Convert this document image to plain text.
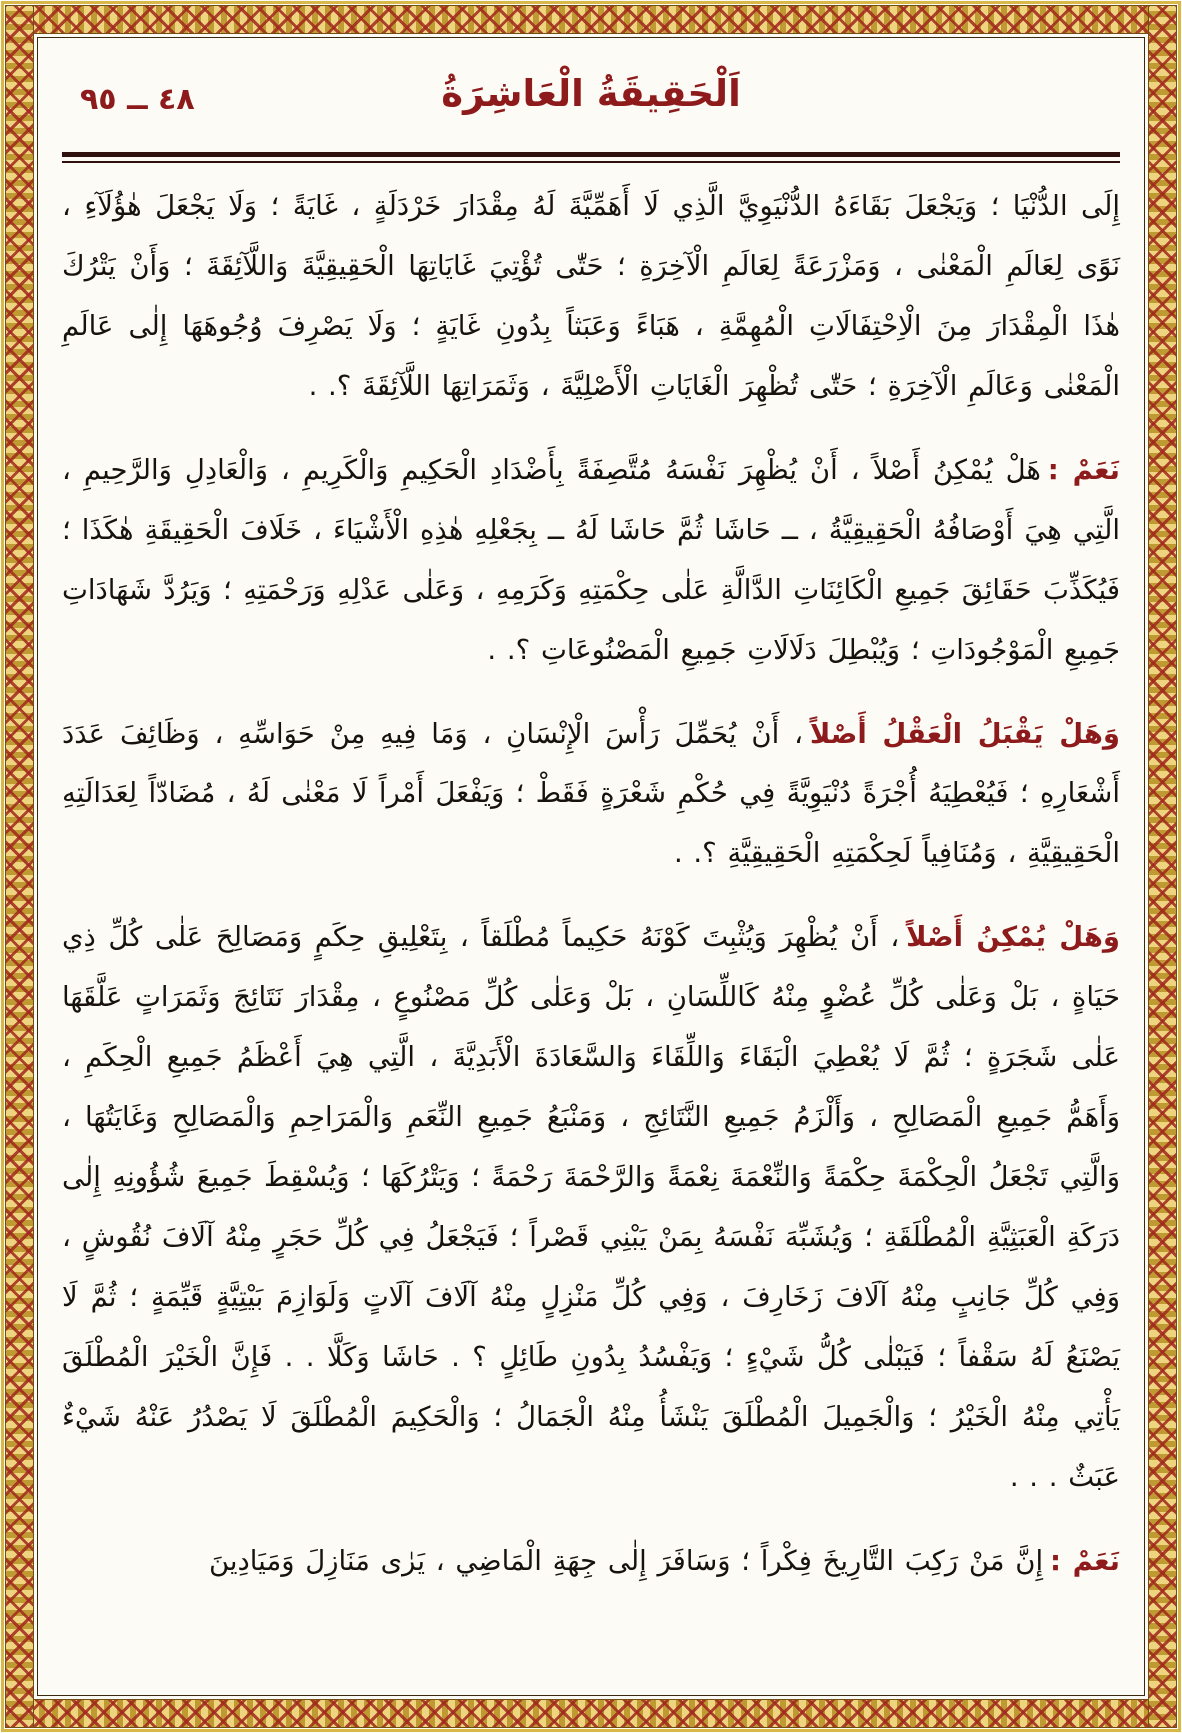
٤٨ ــ ٩٥	اَلْحَقِيقَةُ الْعَاشِرَةُ

إِلَى الدُّنْيَا ؛ وَيَجْعَلَ بَقَاءَهُ الدُّنْيَوِيَّ الَّذِي لَا أَهَمِّيَّةَ لَهُ مِقْدَارَ خَرْدَلَةٍ ، غَايَةً ؛ وَلَا يَجْعَلَ هٰؤُلَآءِ ، نَوًى لِعَالَمِ الْمَعْنٰى ، وَمَزْرَعَةً لِعَالَمِ الْآخِرَةِ ؛ حَتّٰى تُؤْتِيَ غَايَاتِهَا الْحَقِيقِيَّةَ وَاللَّآئِقَةَ ؛ وَأَنْ يَتْرُكَ هٰذَا الْمِقْدَارَ مِنَ الْاِحْتِفَالَاتِ الْمُهِمَّةِ ، هَبَاءً وَعَبَثاً بِدُونِ غَايَةٍ ؛ وَلَا يَصْرِفَ وُجُوهَهَا إِلٰى عَالَمِ الْمَعْنٰى وَعَالَمِ الْآخِرَةِ ؛ حَتّٰى تُظْهِرَ الْغَايَاتِ الْأَصْلِيَّةَ ، وَثَمَرَاتِهَا اللَّآئِقَةَ ؟. .

نَعَمْ :هَلْ يُمْكِنُ أَصْلاً ، أَنْ يُظْهِرَ نَفْسَهُ مُتَّصِفَةً بِأَضْدَادِ الْحَكِيمِ وَالْكَرِيمِ ، وَالْعَادِلِ وَالرَّحِيمِ ، الَّتِي هِيَ أَوْصَافُهُ الْحَقِيقِيَّةُ ، ــ حَاشَا ثُمَّ حَاشَا لَهُ ــ بِجَعْلِهِ هٰذِهِ الْأَشْيَاءَ ، خَلَافَ الْحَقِيقَةِ هٰكَذَا ؛ فَيُكَذِّبَ حَقَائِقَ جَمِيعِ الْكَائِنَاتِ الدَّالَّةِ عَلٰى حِكْمَتِهِ وَكَرَمِهِ ، وَعَلٰى عَدْلِهِ وَرَحْمَتِهِ ؛ وَيَرُدَّ شَهَادَاتِ جَمِيعِ الْمَوْجُودَاتِ ؛ وَيُبْطِلَ دَلَالَاتِ جَمِيعِ الْمَصْنُوعَاتِ ؟. .

وَهَلْ يَقْبَلُ الْعَقْلُ أَصْلاً، أَنْ يُحَمِّلَ رَأْسَ الْإِنْسَانِ ، وَمَا فِيهِ مِنْ حَوَاسِّهِ ، وَظَائِفَ عَدَدَ أَشْعَارِهِ ؛ فَيُعْطِيَهُ أُجْرَةً دُنْيَوِيَّةً فِي حُكْمِ شَعْرَةٍ فَقَطْ ؛ وَيَفْعَلَ أَمْراً لَا مَعْنٰى لَهُ ، مُضَادّاً لِعَدَالَتِهِ الْحَقِيقِيَّةِ ، وَمُنَافِياً لَحِكْمَتِهِ الْحَقِيقِيَّةِ ؟. .

وَهَلْ يُمْكِنُ أَصْلاً، أَنْ يُظْهِرَ وَيُثْبِتَ كَوْنَهُ حَكِيماً مُطْلَقاً ، بِتَعْلِيقِ حِكَمٍ وَمَصَالِحَ عَلٰى كُلِّ ذِي حَيَاةٍ ، بَلْ وَعَلٰى كُلِّ عُضْوٍ مِنْهُ كَاللِّسَانِ ، بَلْ وَعَلٰى كُلِّ مَصْنُوعٍ ، مِقْدَارَ نَتَائِجَ وَثَمَرَاتٍ عَلَّقَهَا عَلٰى شَجَرَةٍ ؛ ثُمَّ لَا يُعْطِيَ الْبَقَاءَ وَاللِّقَاءَ وَالسَّعَادَةَ الْأَبَدِيَّةَ ، الَّتِي هِيَ أَعْظَمُ جَمِيعِ الْحِكَمِ ، وَأَهَمُّ جَمِيعِ الْمَصَالِحِ ، وَأَلْزَمُ جَمِيعِ النَّتَائِجِ ، وَمَنْبَعُ جَمِيعِ النِّعَمِ وَالْمَرَاحِمِ وَالْمَصَالِحِ وَغَايَتُهَا ، وَالَّتِي تَجْعَلُ الْحِكْمَةَ حِكْمَةً وَالنِّعْمَةَ نِعْمَةً وَالرَّحْمَةَ رَحْمَةً ؛ وَيَتْرُكَهَا ؛ وَيُسْقِطَ جَمِيعَ شُؤُونِهِ إِلٰى دَرَكَةِ الْعَبَثِيَّةِ الْمُطْلَقَةِ ؛ وَيُشَبِّهَ نَفْسَهُ بِمَنْ يَبْنِي قَصْراً ؛ فَيَجْعَلُ فِي كُلِّ حَجَرٍ مِنْهُ آلَافَ نُقُوشٍ ، وَفِي كُلِّ جَانِبٍ مِنْهُ آلَافَ زَخَارِفَ ، وَفِي كُلِّ مَنْزِلٍ مِنْهُ آلَافَ آلَاتٍ وَلَوَازِمَ بَيْتِيَّةٍ قَيِّمَةٍ ؛ ثُمَّ لَا يَصْنَعُ لَهُ سَقْفاً ؛ فَيَبْلٰى كُلُّ شَيْءٍ ؛ وَيَفْسُدُ بِدُونِ طَائِلٍ ؟ . حَاشَا وَكَلَّا . . فَإِنَّ الْخَيْرَ الْمُطْلَقَ يَأْتِي مِنْهُ الْخَيْرُ ؛ وَالْجَمِيلَ الْمُطْلَقَ يَنْشَأُ مِنْهُ الْجَمَالُ ؛ وَالْحَكِيمَ الْمُطْلَقَ لَا يَصْدُرُ عَنْهُ شَيْءٌ عَبَثٌ . . .

نَعَمْ :إِنَّ مَنْ رَكِبَ التَّارِيخَ فِكْراً ؛ وَسَافَرَ إِلٰى جِهَةِ الْمَاضِي ، يَرٰى مَنَازِلَ وَمَيَادِينَ
